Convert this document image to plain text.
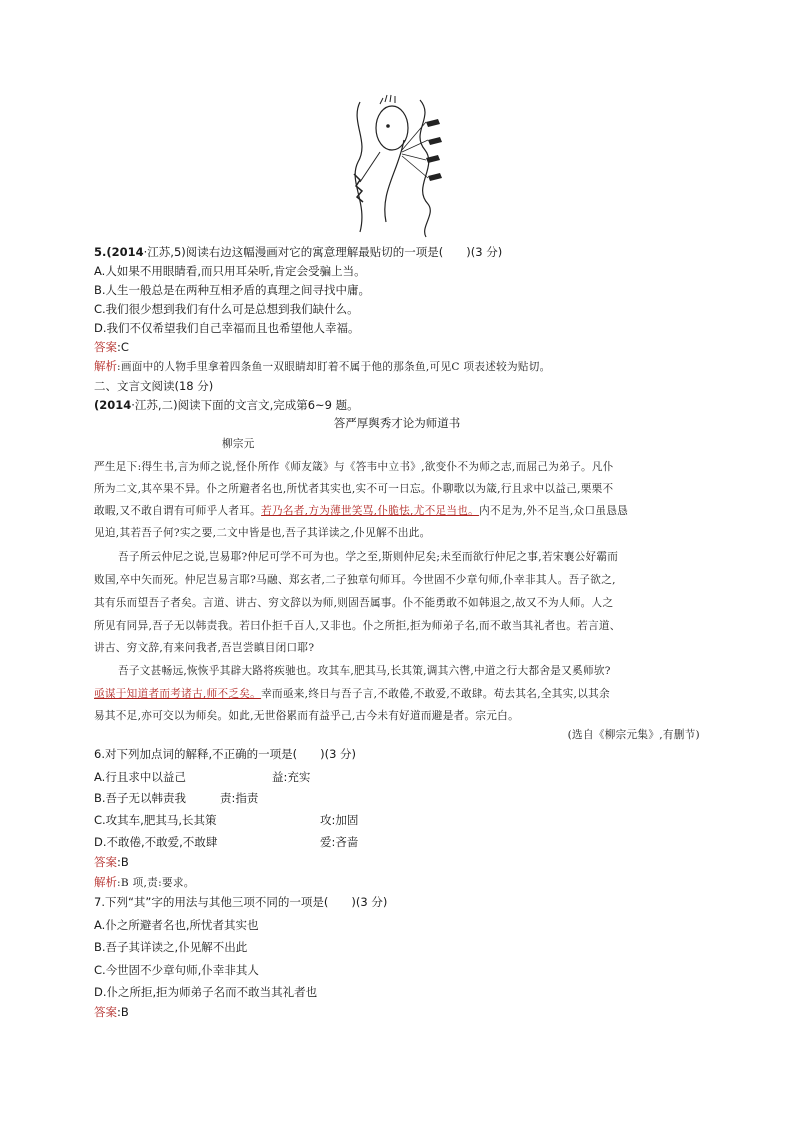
5.(2014·江苏,5)阅读右边这幅漫画对它的寓意理解最贴切的一项是(　　)(3 分)
A.人如果不用眼睛看,而只用耳朵听,肯定会受骗上当。
B.人生一般总是在两种互相矛盾的真理之间寻找中庸。
C.我们很少想到我们有什么可是总想到我们缺什么。
D.我们不仅希望我们自己幸福而且也希望他人幸福。
答案:C
解析:画面中的人物手里拿着四条鱼一双眼睛却盯着不属于他的那条鱼,可见C 项表述较为贴切。
二、文言文阅读(18 分)
(2014·江苏,二)阅读下面的文言文,完成第6~9 题。
答严厚舆秀才论为师道书
柳宗元
严生足下:得生书,言为师之说,怪仆所作《师友箴》与《答韦中立书》,欲变仆不为师之志,而屈己为弟子。凡仆
所为二文,其卒果不异。仆之所避者名也,所忧者其实也,实不可一日忘。仆聊歌以为箴,行且求中以益己,栗栗不
敢暇,又不敢自谓有可师乎人者耳。若乃名者,方为薄世笑骂,仆脆怯,尤不足当也。内不足为,外不足当,众口虽恳恳
见迫,其若吾子何?实之要,二文中皆是也,吾子其详读之,仆见解不出此。
吾子所云仲尼之说,岂易耶?仲尼可学不可为也。学之至,斯则仲尼矣;未至而欲行仲尼之事,若宋襄公好霸而
败国,卒中矢而死。仲尼岂易言耶?马融、郑玄者,二子独章句师耳。今世固不少章句师,仆幸非其人。吾子欲之,
其有乐而望吾子者矣。言道、讲古、穷文辞以为师,则固吾属事。仆不能勇敢不如韩退之,故又不为人师。人之
所见有同异,吾子无以韩责我。若曰仆拒千百人,又非也。仆之所拒,拒为师弟子名,而不敢当其礼者也。若言道、
讲古、穷文辞,有来问我者,吾岂尝瞋目闭口耶?
吾子文甚畅远,恢恢乎其辟大路将疾驰也。攻其车,肥其马,长其策,调其六辔,中道之行大都舍是又奚师欤?
亟谋于知道者而考诸古,师不乏矣。幸而亟来,终日与吾子言,不敢倦,不敢爱,不敢肆。苟去其名,全其实,以其余
易其不足,亦可交以为师矣。如此,无世俗累而有益乎己,古今未有好道而避是者。宗元白。
(选自《柳宗元集》,有删节)
6.对下列加点词的解释,不正确的一项是(　　)(3 分)
A.行且求中以益己	益:充实
B.吾子无以韩责我	责:指责
C.攻其车,肥其马,长其策	攻:加固
D.不敢倦,不敢爱,不敢肆	爱:吝啬
答案:B
解析:B 项,责:要求。
7.下列“其”字的用法与其他三项不同的一项是(　　)(3 分)
A.仆之所避者名也,所忧者其实也
B.吾子其详读之,仆见解不出此
C.今世固不少章句师,仆幸非其人
D.仆之所拒,拒为师弟子名而不敢当其礼者也
答案:B
